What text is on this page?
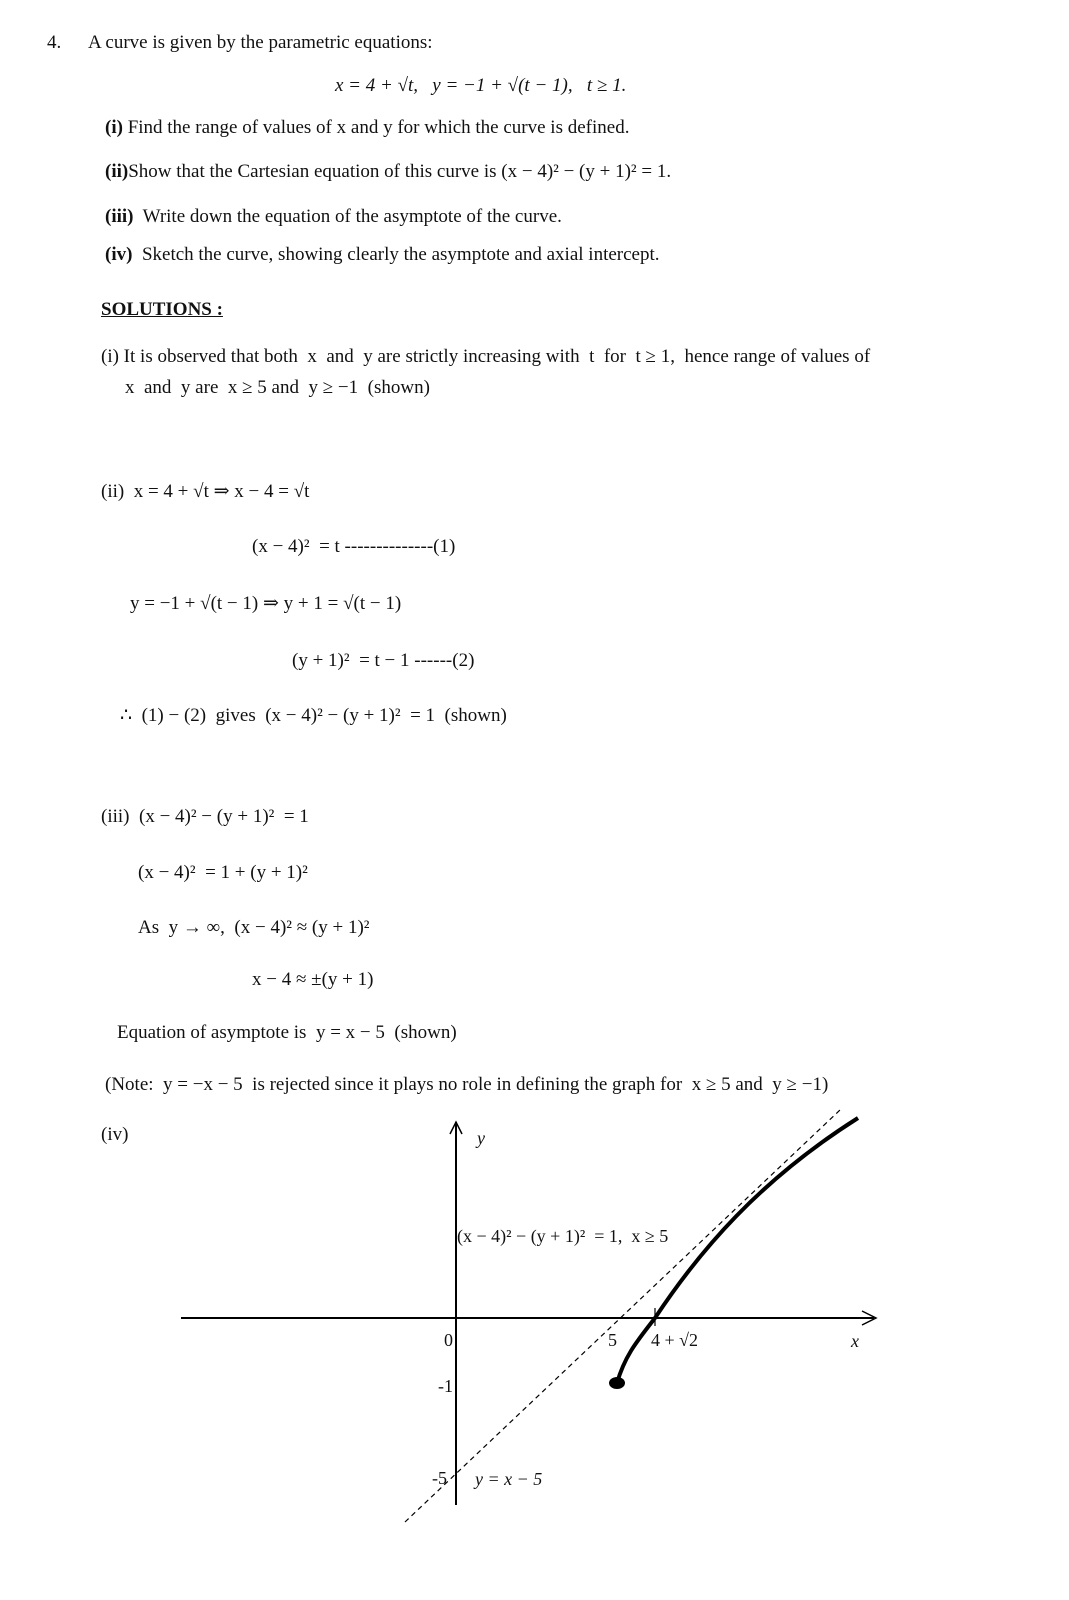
4. A curve is given by the parametric equations:
x = 4 + √t,   y = −1 + √(t − 1),   t ≥ 1.
(i) Find the range of values of x and y for which the curve is defined.
(ii)Show that the Cartesian equation of this curve is (x − 4)² − (y + 1)² = 1.
(iii)  Write down the equation of the asymptote of the curve.
(iv)  Sketch the curve, showing clearly the asymptote and axial intercept.
SOLUTIONS :
(i) It is observed that both  x  and  y are strictly increasing with  t  for  t ≥ 1,  hence range of values of
x  and  y are  x ≥ 5 and  y ≥ −1  (shown)
(ii)  x = 4 + √t ⇒ x − 4 = √t
(x − 4)²  = t --------------(1)
y = −1 + √(t − 1) ⇒ y + 1 = √(t − 1)
(y + 1)²  = t − 1 ------(2)
∴  (1) − (2)  gives  (x − 4)² − (y + 1)²  = 1  (shown)
(iii)  (x − 4)² − (y + 1)²  = 1
(x − 4)²  = 1 + (y + 1)²
As  y → ∞,  (x − 4)² ≈ (y + 1)²
x − 4 ≈ ±(y + 1)
Equation of asymptote is  y = x − 5  (shown)
(Note:  y = −x − 5  is rejected since it plays no role in defining the graph for  x ≥ 5 and  y ≥ −1)
(iv)	y
x
0
-1
-5
5 4 + √2
(x − 4)² − (y + 1)²  = 1,  x ≥ 5
y = x − 5
